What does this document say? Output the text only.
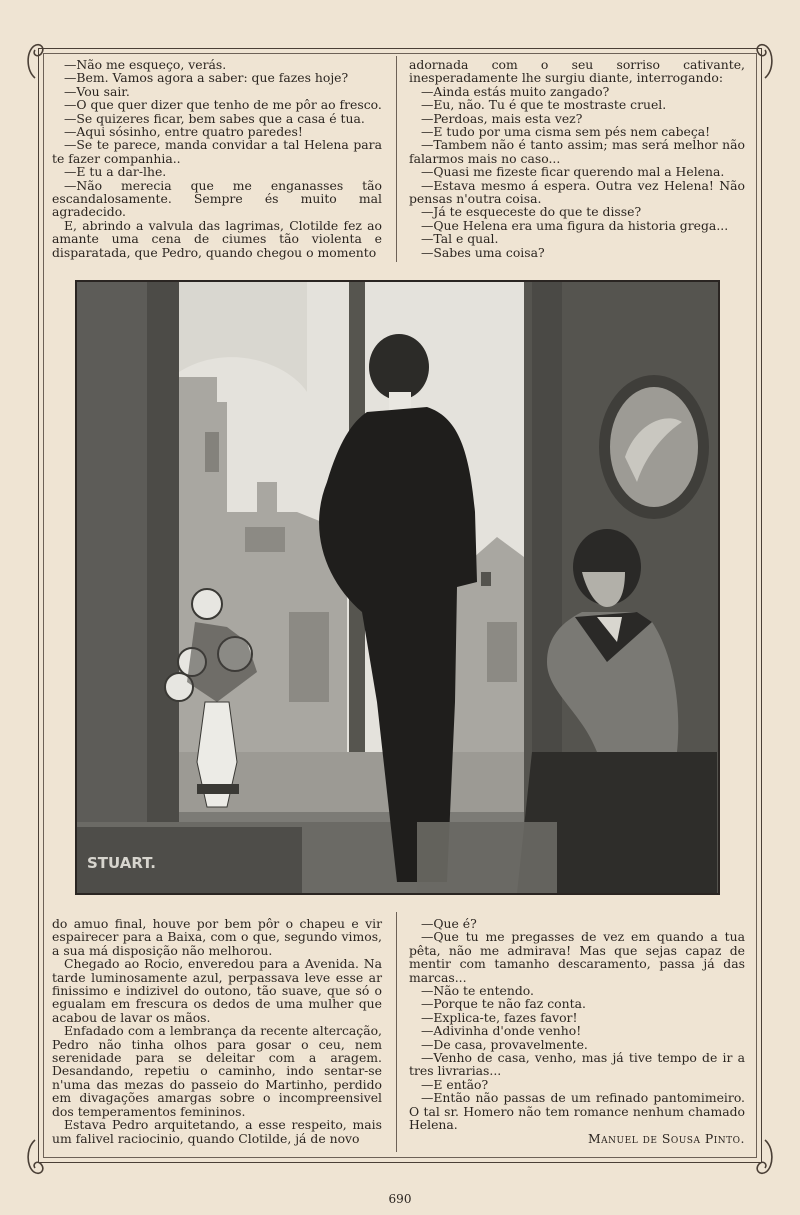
—Não me esqueço, verás.

—Bem. Vamos agora a saber: que fazes hoje?

—Vou sair.

—O que quer dizer que tenho de me pôr ao fresco.

—Se quizeres ficar, bem sabes que a casa é tua.

—Aqui sósinho, entre quatro paredes!

—Se te parece, manda convidar a tal Helena para te fazer companhia..

—E tu a dar-lhe.

—Não merecia que me enganasses tão escandalosamente. Sempre és muito mal agradecido.

E, abrindo a valvula das lagrimas, Clotilde fez ao amante uma cena de ciumes tão violenta e disparatada, que Pedro, quando chegou o momento

adornada com o seu sorriso cativante, inesperadamente lhe surgiu diante, interrogando:

—Ainda estás muito zangado?

—Eu, não. Tu é que te mostraste cruel.

—Perdoas, mais esta vez?

—E tudo por uma cisma sem pés nem cabeça!

—Tambem não é tanto assim; mas será melhor não falarmos mais no caso...

—Quasi me fizeste ficar querendo mal a Helena.

—Estava mesmo á espera. Outra vez Helena! Não pensas n'outra coisa.

—Já te esqueceste do que te disse?

—Que Helena era uma figura da historia grega...

—Tal e qual.

—Sabes uma coisa?

STUART.

do amuo final, houve por bem pôr o chapeu e vir espairecer para a Baixa, com o que, segundo vimos, a sua má disposição não melhorou.

Chegado ao Rocio, enveredou para a Avenida. Na tarde luminosamente azul, perpassava leve esse ar finissimo e indizivel do outono, tão suave, que só o egualam em frescura os dedos de uma mulher que acabou de lavar os mãos.

Enfadado com a lembrança da recente altercação, Pedro não tinha olhos para gosar o ceu, nem serenidade para se deleitar com a aragem. Desandando, repetiu o caminho, indo sentar-se n'uma das mezas do passeio do Martinho, perdido em divagações amargas sobre o incompreensivel dos temperamentos femininos.

Estava Pedro arquitetando, a esse respeito, mais um falivel raciocinio, quando Clotilde, já de novo

—Que é?

—Que tu me pregasses de vez em quando a tua pêta, não me admirava! Mas que sejas capaz de mentir com tamanho descaramento, passa já das marcas...

—Não te entendo.

—Porque te não faz conta.

—Explica-te, fazes favor!

—Adivinha d'onde venho!

—De casa, provavelmente.

—Venho de casa, venho, mas já tive tempo de ir a tres livrarias...

—E então?

—Então não passas de um refinado pantomimeiro. O tal sr. Homero não tem romance nenhum chamado Helena.

Manuel de Sousa Pinto.

690
